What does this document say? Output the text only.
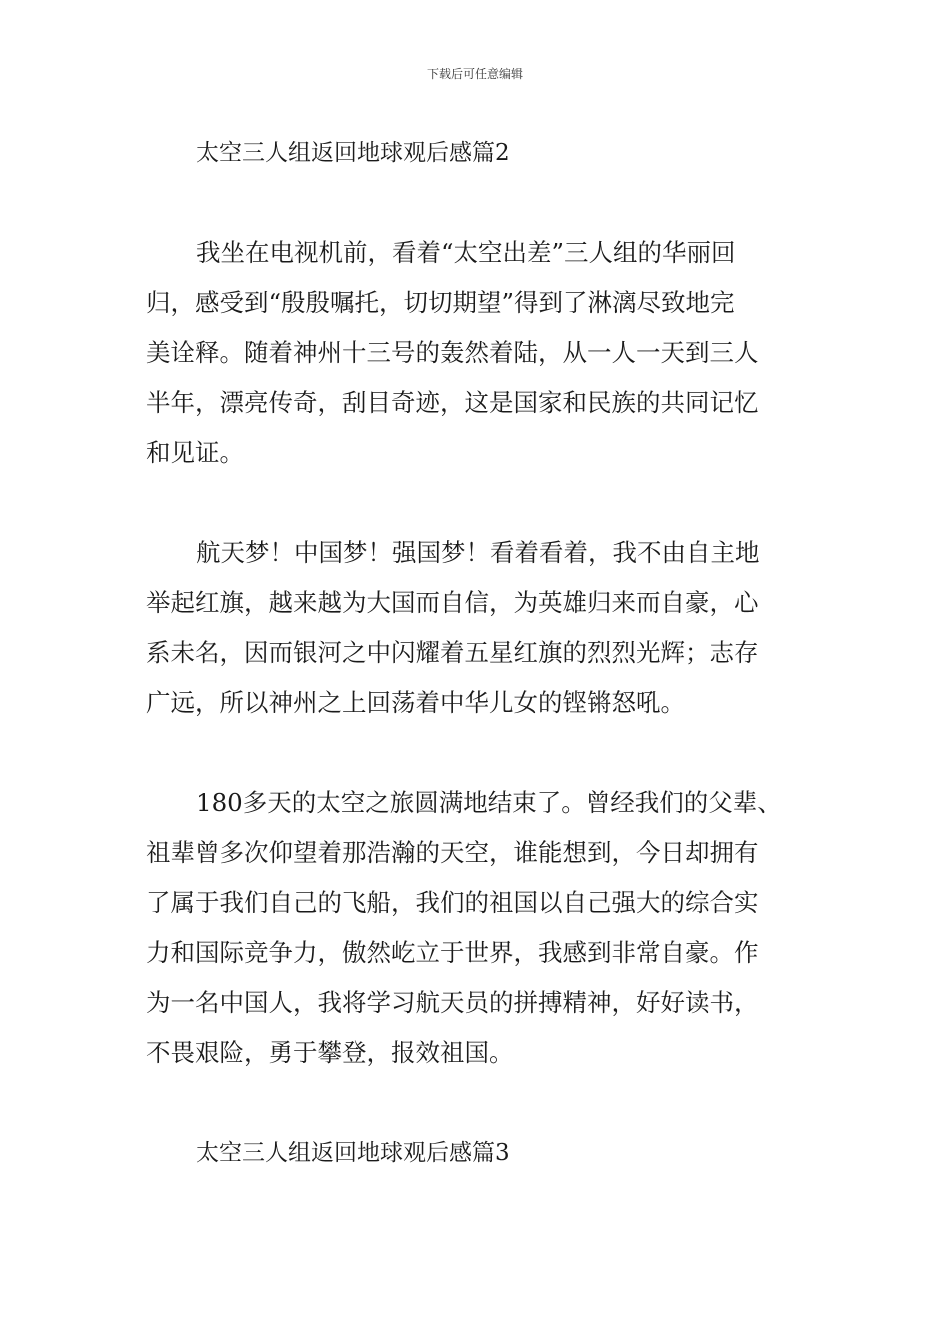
下载后可任意编辑

太空三人组返回地球观后感篇2

我坐在电视机前，看着“太空出差”三人组的华丽回
归，感受到“殷殷嘱托，切切期望”得到了淋漓尽致地完
美诠释。随着神州十三号的轰然着陆，从一人一天到三人
半年，漂亮传奇，刮目奇迹，这是国家和民族的共同记忆
和见证。

航天梦！中国梦！强国梦！看着看着，我不由自主地
举起红旗，越来越为大国而自信，为英雄归来而自豪，心
系未名，因而银河之中闪耀着五星红旗的烈烈光辉；志存
广远，所以神州之上回荡着中华儿女的铿锵怒吼。

180多天的太空之旅圆满地结束了。曾经我们的父辈、
祖辈曾多次仰望着那浩瀚的天空，谁能想到，今日却拥有
了属于我们自己的飞船，我们的祖国以自己强大的综合实
力和国际竞争力，傲然屹立于世界，我感到非常自豪。作
为一名中国人，我将学习航天员的拼搏精神，好好读书，
不畏艰险，勇于攀登，报效祖国。

太空三人组返回地球观后感篇3
